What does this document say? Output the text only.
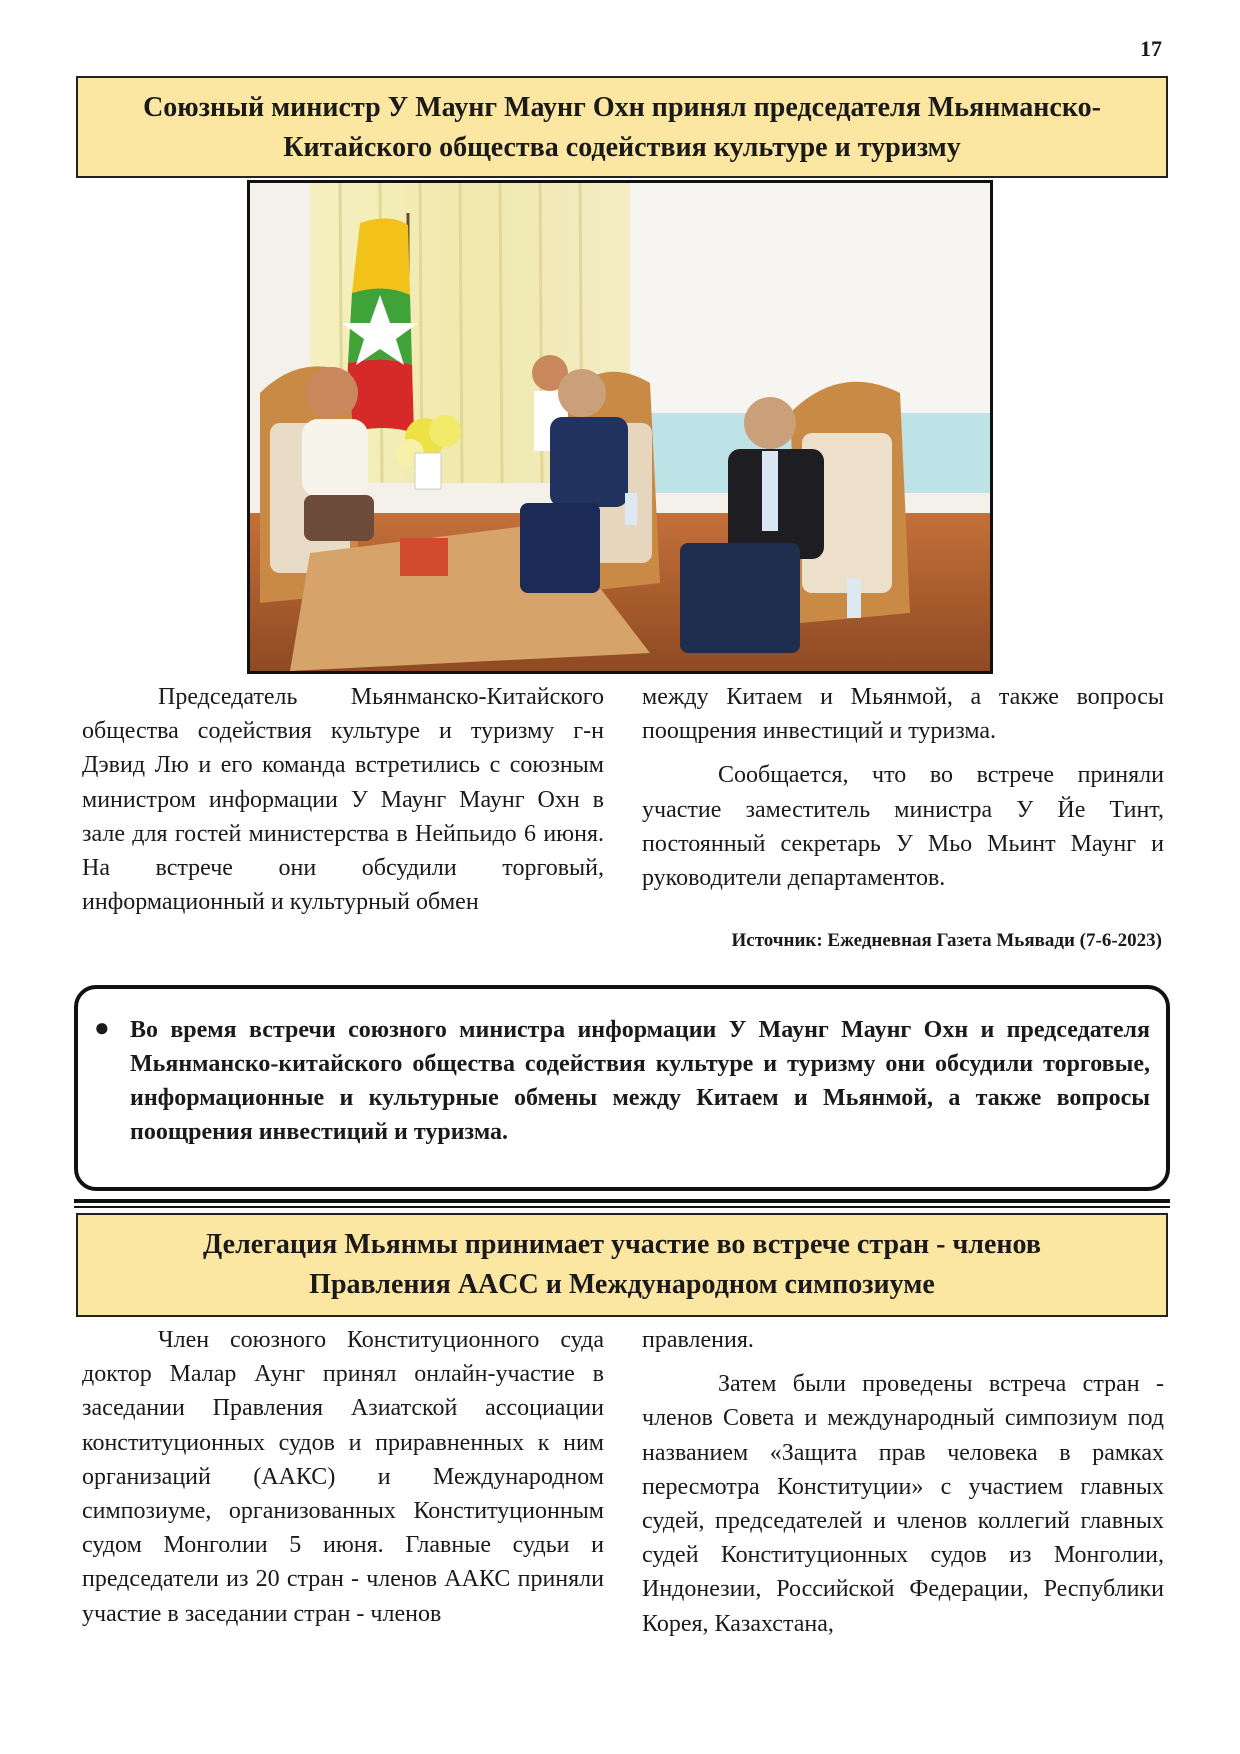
17
Союзный министр У Маунг Маунг Охн принял председателя Мьянманско-
Китайского общества содействия культуре и туризму

Председатель Мьянманско-Китайского общества содействия культуре и туризму г-н Дэвид Лю и его команда встретились с союзным министром информации У Маунг Маунг Охн в зале для гостей министерства в Нейпьидо 6 июня. На встрече они обсудили торговый, информационный и культурный обмен

между Китаем и Мьянмой, а также вопросы поощрения инвестиций и туризма.

Сообщается, что во встрече приняли участие заместитель министра У Йе Тинт, постоянный секретарь У Мьо Мьинт Маунг и руководители департаментов.

Источник: Ежедневная Газета Мьявади (7-6-2023)
● Во время встречи союзного министра информации У Маунг Маунг Охн и председателя Мьянманско-китайского общества содействия культуре и туризму они обсудили торговые, информационные и культурные обмены между Китаем и Мьянмой, а также вопросы поощрения инвестиций и туризма.
Делегация Мьянмы принимает участие во встрече стран - членов
Правления AACC и Международном симпозиуме

Член союзного Конституционного суда доктор Малар Аунг принял онлайн-участие в заседании Правления Азиатской ассоциации конституционных судов и приравненных к ним организаций (ААКС) и Международном симпозиуме, организованных Конституционным судом Монголии 5 июня. Главные судьи и председатели из 20 стран - членов ААКС приняли участие в заседании стран - членов

правления.

Затем были проведены встреча стран - членов Совета и международный симпозиум под названием «Защита прав человека в рамках пересмотра Конституции» с участием главных судей, председателей и членов коллегий главных судей Конституционных судов из Монголии, Индонезии, Российской Федерации, Республики Корея, Казахстана,
